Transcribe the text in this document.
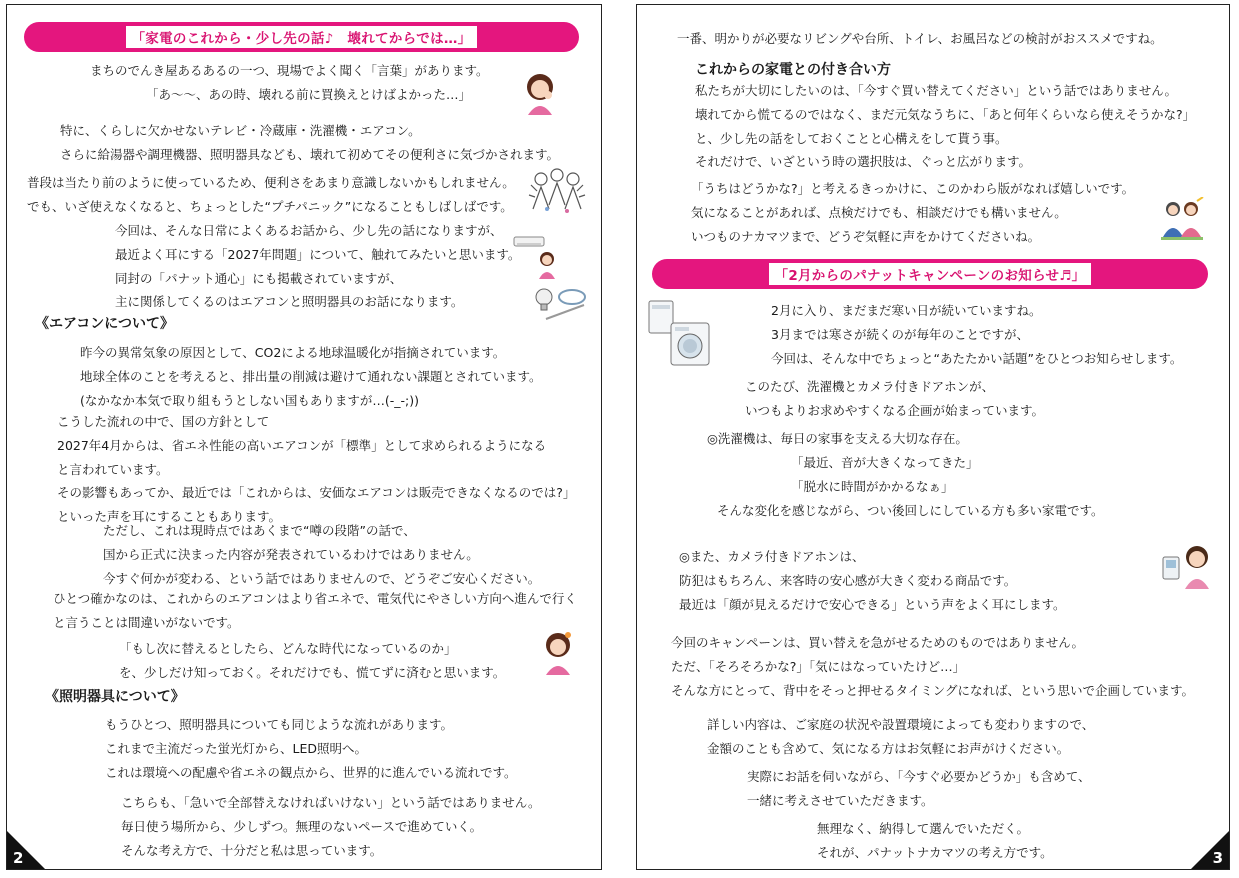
「家電のこれから・少し先の話♪　壊れてからでは…」
まちのでんき屋あるあるの一つ、現場でよく聞く「言葉」があります。
「あ～～、あの時、壊れる前に買換えとけばよかった…」
特に、くらしに欠かせないテレビ・冷蔵庫・洗濯機・エアコン。
さらに給湯器や調理機器、照明器具なども、壊れて初めてその便利さに気づかされます。
普段は当たり前のように使っているため、便利さをあまり意識しないかもしれません。
でも、いざ使えなくなると、ちょっとした“プチパニック”になることもしばしばです。
今回は、そんな日常によくあるお話から、少し先の話になりますが、
最近よく耳にする「2027年問題」について、触れてみたいと思います。
同封の「パナット通心」にも掲載されていますが、
主に関係してくるのはエアコンと照明器具のお話になります。
《エアコンについて》
昨今の異常気象の原因として、CO2による地球温暖化が指摘されています。
地球全体のことを考えると、排出量の削減は避けて通れない課題とされています。
(なかなか本気で取り組もうとしない国もありますが…(-_-;))
こうした流れの中で、国の方針として
2027年4月からは、省エネ性能の高いエアコンが「標準」として求められるようになる
と言われています。
その影響もあってか、最近では「これからは、安価なエアコンは販売できなくなるのでは?」
といった声を耳にすることもあります。
ただし、これは現時点ではあくまで“噂の段階”の話で、
国から正式に決まった内容が発表されているわけではありません。
今すぐ何かが変わる、という話ではありませんので、どうぞご安心ください。
ひとつ確かなのは、これからのエアコンはより省エネで、電気代にやさしい方向へ進んで行く
と言うことは間違いがないです。
「もし次に替えるとしたら、どんな時代になっているのか」
を、少しだけ知っておく。それだけでも、慌てずに済むと思います。
《照明器具について》
もうひとつ、照明器具についても同じような流れがあります。
これまで主流だった蛍光灯から、LED照明へ。
これは環境への配慮や省エネの観点から、世界的に進んでいる流れです。
こちらも、「急いで全部替えなければいけない」という話ではありません。
毎日使う場所から、少しずつ。無理のないペースで進めていく。
そんな考え方で、十分だと私は思っています。
2
一番、明かりが必要なリビングや台所、トイレ、お風呂などの検討がおススメですね。
これからの家電との付き合い方
私たちが大切にしたいのは、「今すぐ買い替えてください」という話ではありません。
壊れてから慌てるのではなく、まだ元気なうちに、「あと何年くらいなら使えそうかな?」
と、少し先の話をしておくことと心構えをして貰う事。
それだけで、いざという時の選択肢は、ぐっと広がります。
「うちはどうかな?」と考えるきっかけに、このかわら版がなれば嬉しいです。
気になることがあれば、点検だけでも、相談だけでも構いません。
いつものナカマツまで、どうぞ気軽に声をかけてくださいね。
「2月からのパナットキャンペーンのお知らせ♬」
2月に入り、まだまだ寒い日が続いていますね。
3月までは寒さが続くのが毎年のことですが、
今回は、そんな中でちょっと“あたたかい話題”をひとつお知らせします。
このたび、洗濯機とカメラ付きドアホンが、
いつもよりお求めやすくなる企画が始まっています。
◎洗濯機は、毎日の家事を支える大切な存在。
「最近、音が大きくなってきた」
「脱水に時間がかかるなぁ」
そんな変化を感じながら、つい後回しにしている方も多い家電です。
◎また、カメラ付きドアホンは、
防犯はもちろん、来客時の安心感が大きく変わる商品です。
最近は「顔が見えるだけで安心できる」という声をよく耳にします。
今回のキャンペーンは、買い替えを急がせるためのものではありません。
ただ、「そろそろかな?」「気にはなっていたけど…」
そんな方にとって、背中をそっと押せるタイミングになれば、という思いで企画しています。
詳しい内容は、ご家庭の状況や設置環境によっても変わりますので、
金額のことも含めて、気になる方はお気軽にお声がけください。
実際にお話を伺いながら、「今すぐ必要かどうか」も含めて、
一緒に考えさせていただきます。
無理なく、納得して選んでいただく。
それが、パナットナカマツの考え方です。	3
